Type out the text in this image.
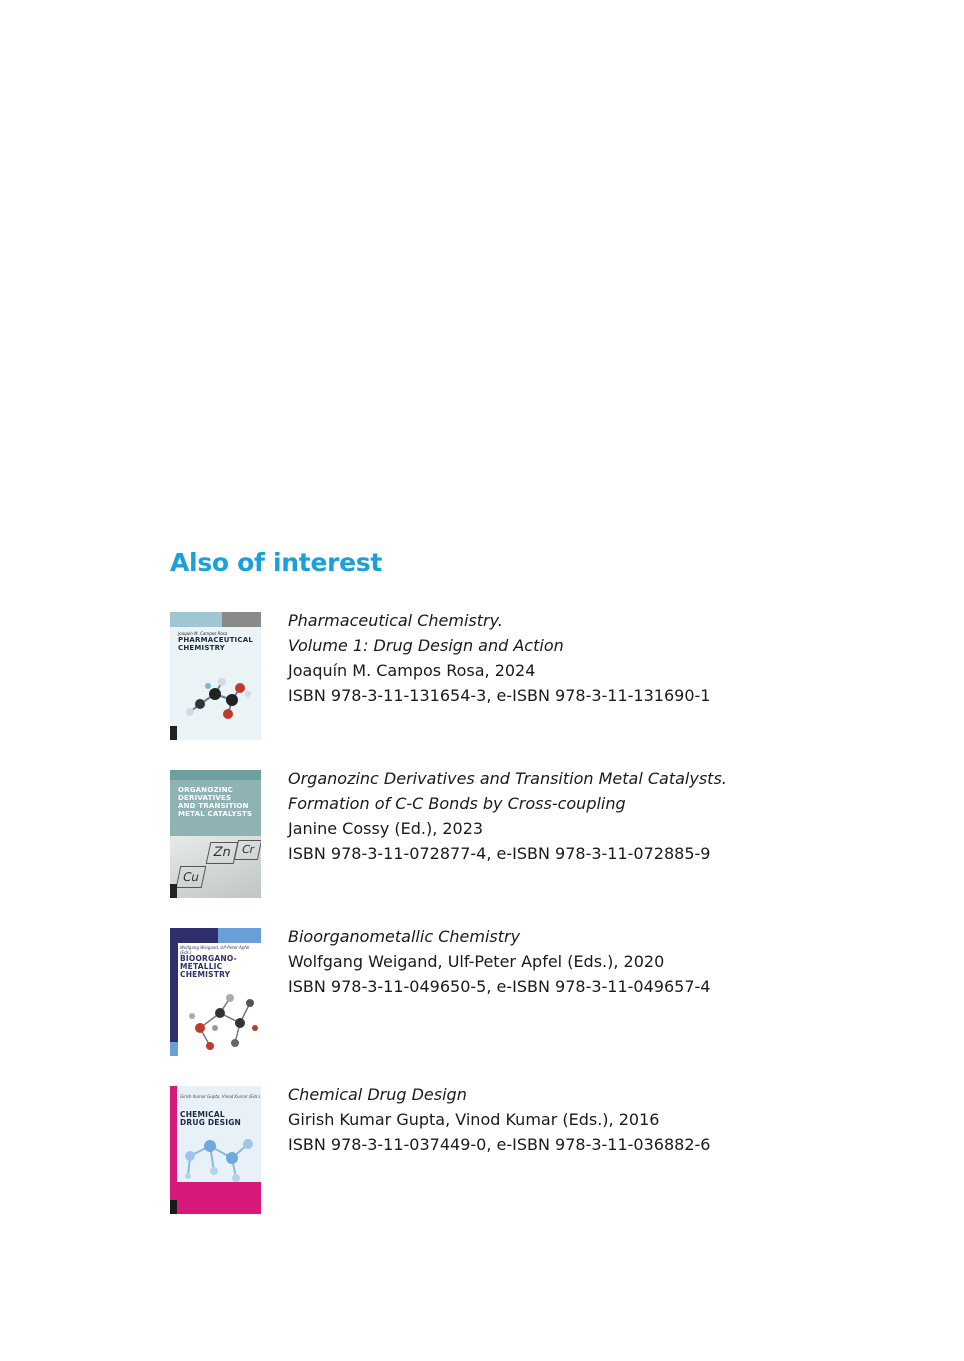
Also of interest
Joaquín M. Campos Rosa
PHARMACEUTICAL
CHEMISTRY
Pharmaceutical Chemistry.
Volume 1: Drug Design and Action
Joaquín M. Campos Rosa, 2024
ISBN 978-3-11-131654-3, e-ISBN 978-3-11-131690-1
ORGANOZINC
DERIVATIVES
AND TRANSITION
METAL CATALYSTS
Zn
Cu
Cr
Organozinc Derivatives and Transition Metal Catalysts.
Formation of C-C Bonds by Cross-coupling
Janine Cossy (Ed.), 2023
ISBN 978-3-11-072877-4, e-ISBN 978-3-11-072885-9
Wolfgang Weigand, Ulf-Peter Apfel (Eds.)
BIOORGANO-
METALLIC
CHEMISTRY
Bioorganometallic Chemistry
Wolfgang Weigand, Ulf-Peter Apfel (Eds.), 2020
ISBN 978-3-11-049650-5, e-ISBN 978-3-11-049657-4
Girish Kumar Gupta, Vinod Kumar (Eds.)
CHEMICAL
DRUG DESIGN
Chemical Drug Design
Girish Kumar Gupta, Vinod Kumar (Eds.), 2016
ISBN 978-3-11-037449-0, e-ISBN 978-3-11-036882-6
